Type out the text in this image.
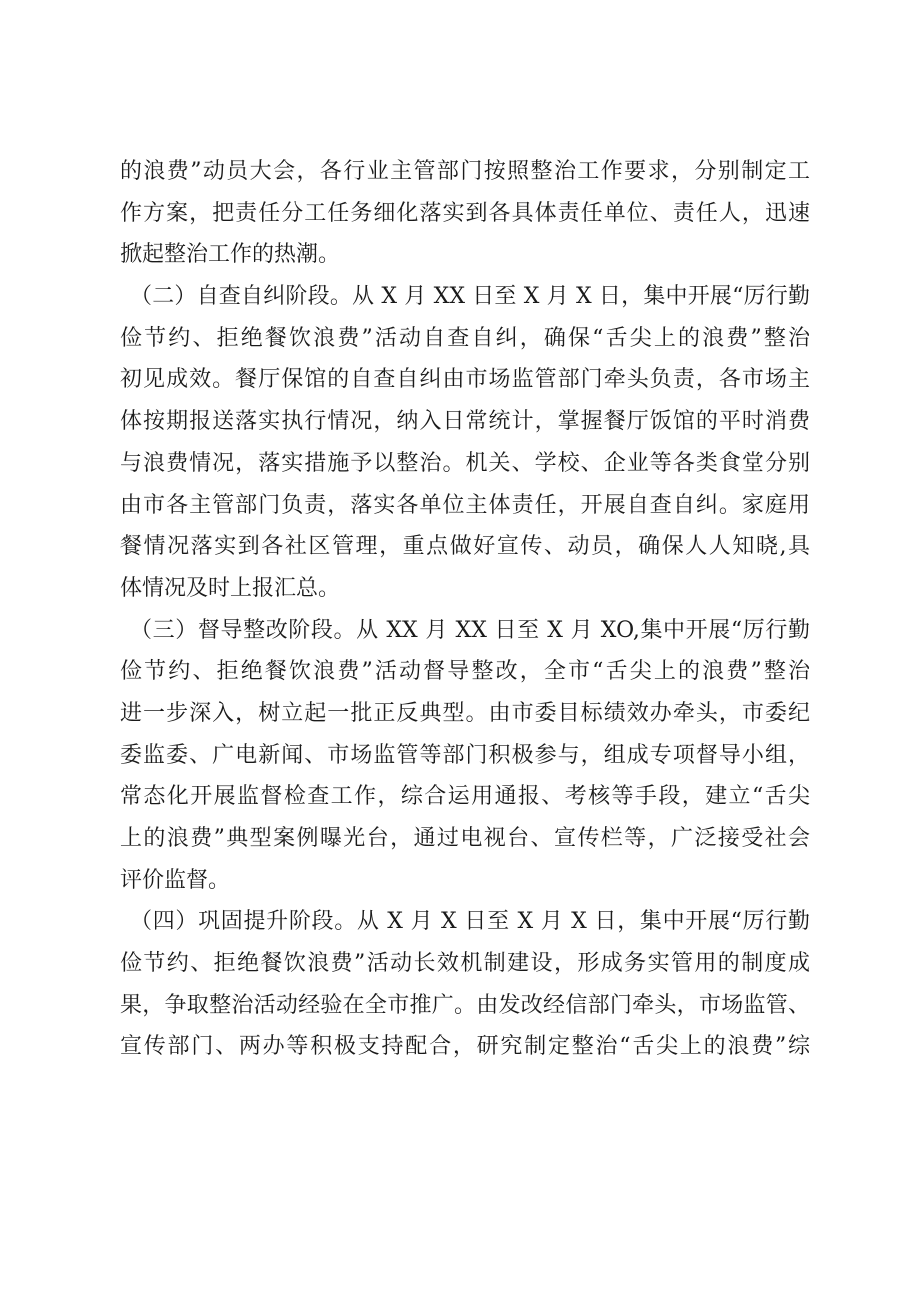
的浪费”动员大会，各行业主管部门按照整治工作要求，分别制定工
作方案，把责任分工任务细化落实到各具体责任单位、责任人，迅速
掀起整治工作的热潮。
（二）自查自纠阶段。从 X 月 XX 日至 X 月 X 日，集中开展“厉行勤
俭节约、拒绝餐饮浪费”活动自查自纠，确保“舌尖上的浪费”整治
初见成效。餐厅保馆的自查自纠由市场监管部门牵头负责，各市场主
体按期报送落实执行情况，纳入日常统计，掌握餐厅饭馆的平时消费
与浪费情况，落实措施予以整治。机关、学校、企业等各类食堂分别
由市各主管部门负责，落实各单位主体责任，开展自查自纠。家庭用
餐情况落实到各社区管理，重点做好宣传、动员，确保人人知晓,具
体情况及时上报汇总。
（三）督导整改阶段。从 XX 月 XX 日至 X 月 XO,集中开展“厉行勤
俭节约、拒绝餐饮浪费”活动督导整改，全市“舌尖上的浪费”整治
进一步深入，树立起一批正反典型。由市委目标绩效办牵头，市委纪
委监委、广电新闻、市场监管等部门积极参与，组成专项督导小组，
常态化开展监督检查工作，综合运用通报、考核等手段，建立“舌尖
上的浪费”典型案例曝光台，通过电视台、宣传栏等，广泛接受社会
评价监督。
（四）巩固提升阶段。从 X 月 X 日至 X 月 X 日，集中开展“厉行勤
俭节约、拒绝餐饮浪费”活动长效机制建设，形成务实管用的制度成
果，争取整治活动经验在全市推广。由发改经信部门牵头，市场监管、
宣传部门、两办等积极支持配合，研究制定整治“舌尖上的浪费”综
